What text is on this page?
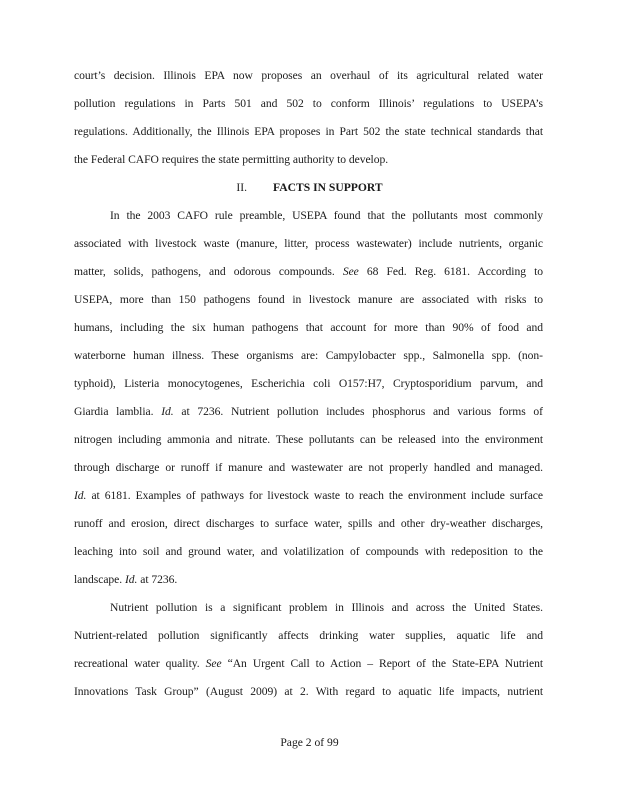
court’s decision. Illinois EPA now proposes an overhaul of its agricultural related water
pollution regulations in Parts 501 and 502 to conform Illinois’ regulations to USEPA’s
regulations. Additionally, the Illinois EPA proposes in Part 502 the state technical standards that
the Federal CAFO requires the state permitting authority to develop.
II. FACTS IN SUPPORT
In the 2003 CAFO rule preamble, USEPA found that the pollutants most commonly
associated with livestock waste (manure, litter, process wastewater) include nutrients, organic
matter, solids, pathogens, and odorous compounds. See 68 Fed. Reg. 6181. According to
USEPA, more than 150 pathogens found in livestock manure are associated with risks to
humans, including the six human pathogens that account for more than 90% of food and
waterborne human illness. These organisms are: Campylobacter spp., Salmonella spp. (non-
typhoid), Listeria monocytogenes, Escherichia coli O157:H7, Cryptosporidium parvum, and
Giardia lamblia. Id. at 7236. Nutrient pollution includes phosphorus and various forms of
nitrogen including ammonia and nitrate. These pollutants can be released into the environment
through discharge or runoff if manure and wastewater are not properly handled and managed.
Id. at 6181. Examples of pathways for livestock waste to reach the environment include surface
runoff and erosion, direct discharges to surface water, spills and other dry-weather discharges,
leaching into soil and ground water, and volatilization of compounds with redeposition to the
landscape. Id. at 7236.
Nutrient pollution is a significant problem in Illinois and across the United States.
Nutrient-related pollution significantly affects drinking water supplies, aquatic life and
recreational water quality. See “An Urgent Call to Action – Report of the State-EPA Nutrient
Innovations Task Group” (August 2009) at 2. With regard to aquatic life impacts, nutrient
Page 2 of 99
